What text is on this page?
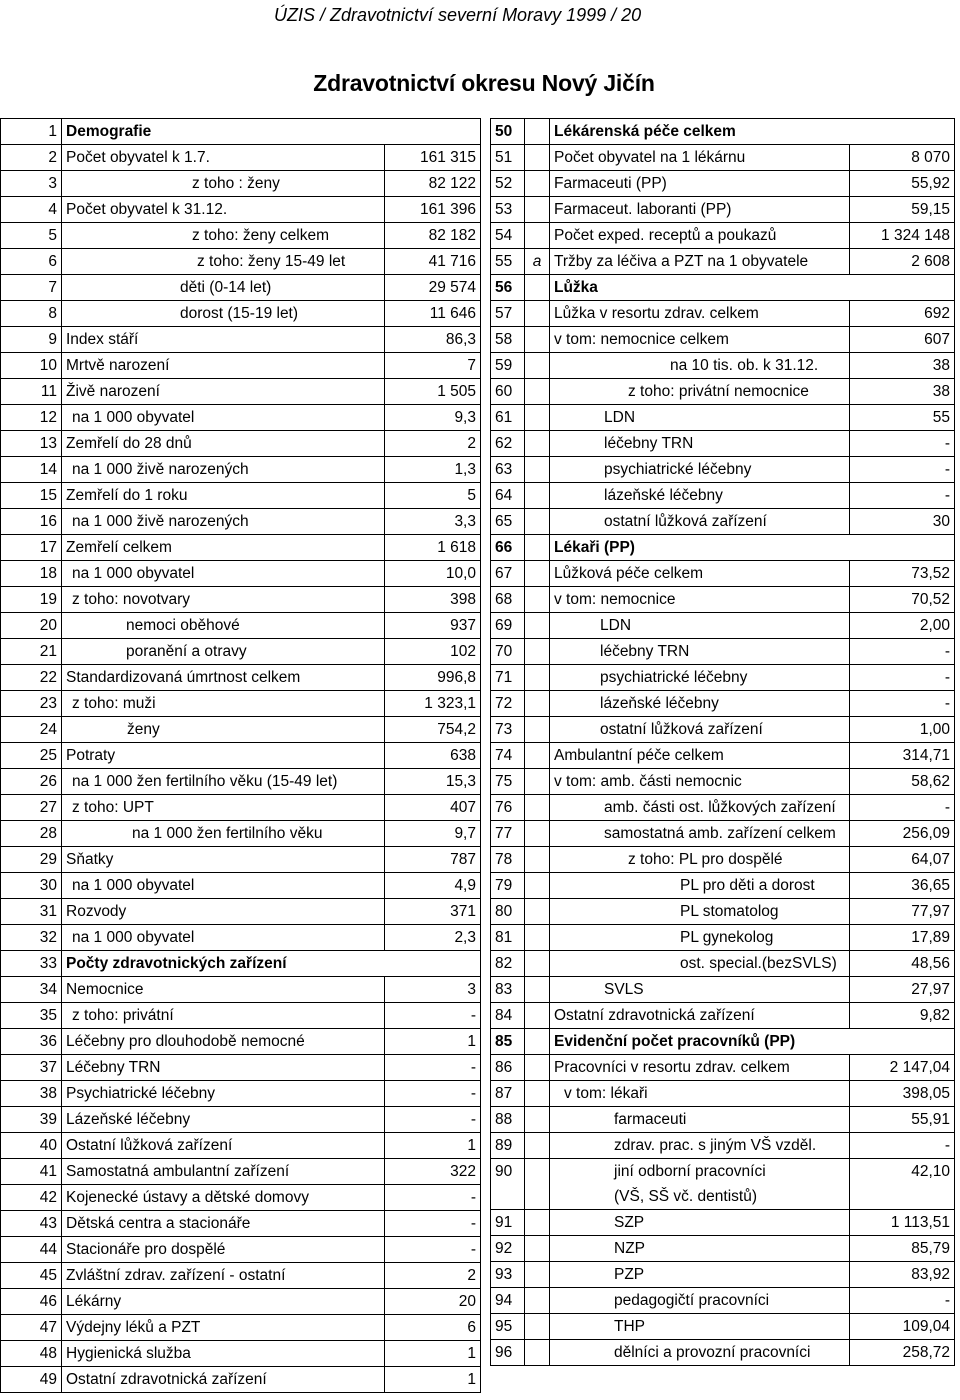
ÚZIS / Zdravotnictví severní Moravy 1999 / 20
Zdravotnictví okresu Nový Jičín
1	Demografie	
2	Počet obyvatel k 1.7.	161 315
3	z toho : ženy	82 122
4	Počet obyvatel k 31.12.	161 396
5	z toho: ženy celkem	82 182
6	z toho: ženy 15-49 let	41 716
7	děti (0-14 let)	29 574
8	dorost (15-19 let)	11 646
9	Index stáří	86,3
10	Mrtvě narození	7
11	Živě narození	1 505
12	na 1 000 obyvatel	9,3
13	Zemřelí do 28 dnů	2
14	na 1 000 živě narozených	1,3
15	Zemřelí do 1 roku	5
16	na 1 000 živě narozených	3,3
17	Zemřelí celkem	1 618
18	na 1 000 obyvatel	10,0
19	z toho: novotvary	398
20	nemoci oběhové	937
21	poranění a otravy	102
22	Standardizovaná úmrtnost celkem	996,8
23	z toho: muži	1 323,1
24	ženy	754,2
25	Potraty	638
26	na 1 000 žen fertilního věku (15-49 let)	15,3
27	z toho: UPT	407
28	na 1 000 žen fertilního věku	9,7
29	Sňatky	787
30	na 1 000 obyvatel	4,9
31	Rozvody	371
32	na 1 000 obyvatel	2,3
33	Počty zdravotnických zařízení	
34	Nemocnice	3
35	z toho: privátní	-
36	Léčebny pro dlouhodobě nemocné	1
37	Léčebny TRN	-
38	Psychiatrické léčebny	-
39	Lázeňské léčebny	-
40	Ostatní lůžková zařízení	1
41	Samostatná ambulantní zařízení	322
42	Kojenecké ústavy a dětské domovy	-
43	Dětská centra a stacionáře	-
44	Stacionáře pro dospělé	-
45	Zvláštní zdrav. zařízení - ostatní	2
46	Lékárny	20
47	Výdejny léků a PZT	6
48	Hygienická služba	1
49	Ostatní zdravotnická zařízení	1
50		Lékárenská péče celkem	
51		Počet obyvatel na 1 lékárnu	8 070
52		Farmaceuti (PP)	55,92
53		Farmaceut. laboranti (PP)	59,15
54		Počet exped. receptů a poukazů	1 324 148
55	a	Tržby za léčiva a PZT na 1 obyvatele	2 608
56		Lůžka	
57		Lůžka v resortu zdrav. celkem	692
58		v tom: nemocnice celkem	607
59		na 10 tis. ob. k 31.12.	38
60		z toho: privátní nemocnice	38
61		LDN	55
62		léčebny TRN	-
63		psychiatrické léčebny	-
64		lázeňské léčebny	-
65		ostatní lůžková zařízení	30
66		Lékaři (PP)	
67		Lůžková péče celkem	73,52
68		v tom: nemocnice	70,52
69		LDN	2,00
70		léčebny TRN	-
71		psychiatrické léčebny	-
72		lázeňské léčebny	-
73		ostatní lůžková zařízení	1,00
74		Ambulantní péče celkem	314,71
75		v tom: amb. části nemocnic	58,62
76		amb. části ost. lůžkových zařízení	-
77		samostatná amb. zařízení celkem	256,09
78		z toho: PL pro dospělé	64,07
79		PL pro děti a dorost	36,65
80		PL stomatolog	77,97
81		PL gynekolog	17,89
82		ost. special.(bezSVLS)	48,56
83		SVLS	27,97
84		Ostatní zdravotnická zařízení	9,82
85		Evidenční počet pracovníků (PP)	
86		Pracovníci v resortu zdrav. celkem	2 147,04
87		v tom: lékaři	398,05
88		farmaceuti	55,91
89		zdrav. prac. s jiným VŠ vzděl.	-
90		jiní odborní pracovníci	42,10
		(VŠ, SŠ vč. dentistů)	
91		SZP	1 113,51
92		NZP	85,79
93		PZP	83,92
94		pedagogičtí pracovníci	-
95		THP	109,04
96		dělníci a provozní pracovníci	258,72
